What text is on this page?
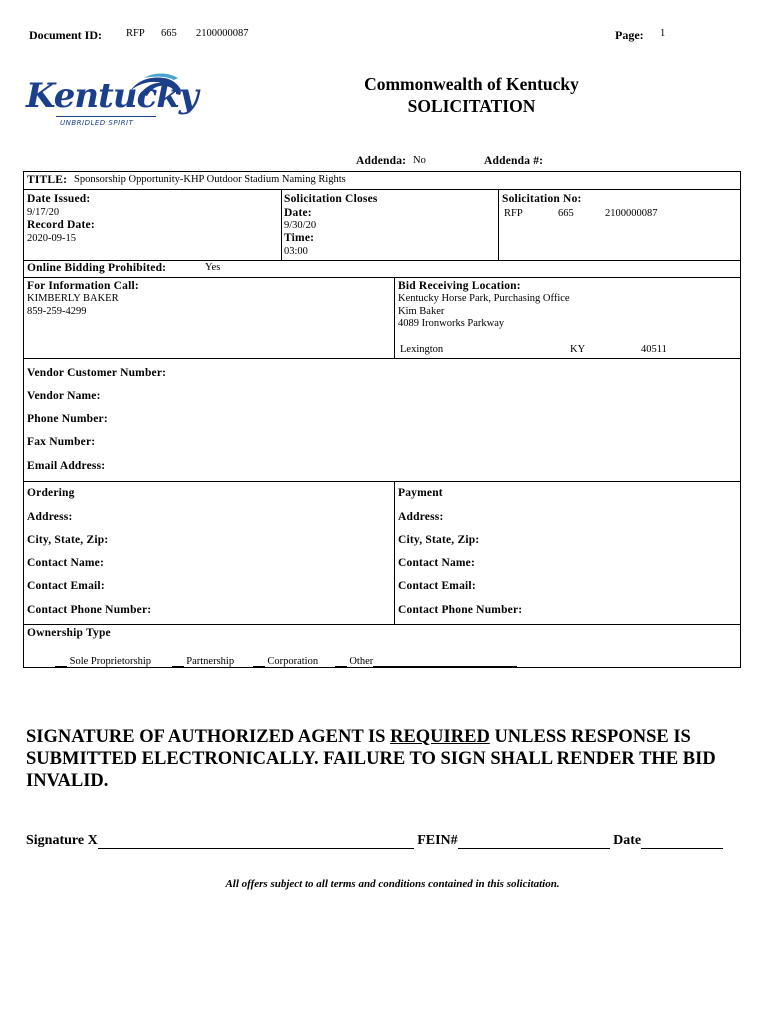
Document ID: RFP 665 2100000087	Page: 1
Kentucky
UNBRIDLED SPIRIT
Commonwealth of Kentucky
SOLICITATION
Addenda: No	Addenda #:
TITLE: Sponsorship Opportunity-KHP Outdoor Stadium Naming Rights
Date Issued:
9/17/20
Record Date:
2020-09-15
Solicitation Closes
Date:
9/30/20
Time:
03:00
Solicitation No:
RFP	665	2100000087
Online Bidding Prohibited:	Yes
For Information Call:
KIMBERLY BAKER
859-259-4299
Bid Receiving Location:
Kentucky Horse Park, Purchasing Office
Kim Baker
4089 Ironworks Parkway
Lexington	KY	40511
Vendor Customer Number:
Vendor Name:
Phone Number:
Fax Number:
Email Address:
Ordering
Address:
City, State, Zip:
Contact Name:
Contact Email:
Contact Phone Number:
Payment
Address:
City, State, Zip:
Contact Name:
Contact Email:
Contact Phone Number:
Ownership Type
Sole Proprietorship	Partnership	Corporation	Other
SIGNATURE OF AUTHORIZED AGENT IS REQUIRED UNLESS RESPONSE IS SUBMITTED ELECTRONICALLY. FAILURE TO SIGN SHALL RENDER THE BID INVALID.
Signature X	FEIN#	Date
All offers subject to all terms and conditions contained in this solicitation.
